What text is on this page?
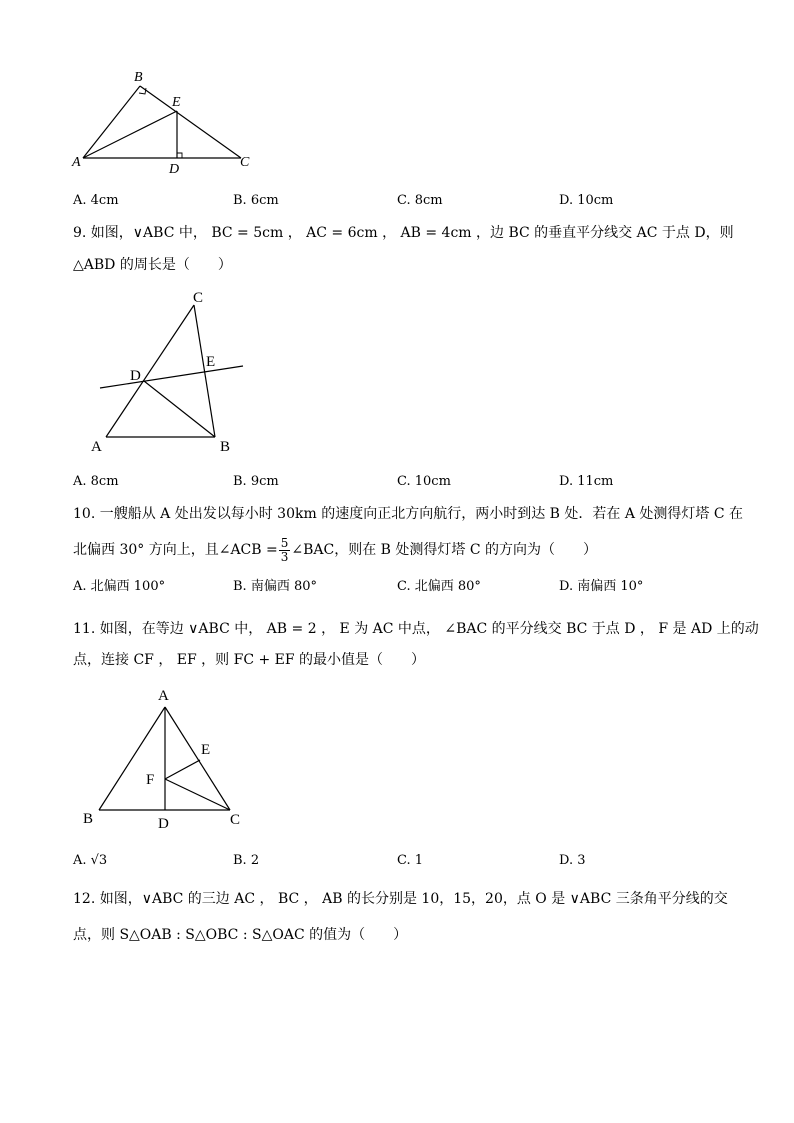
B
E
A	C
D
A. 4cm	B. 6cm	C. 8cm	D. 10cm
9. 如图，∨ABC 中， BC = 5cm ， AC = 6cm ， AB = 4cm ，边 BC 的垂直平分线交 AC 于点 D，则
△ABD 的周长是（　　）
C
E
D
A	B
A. 8cm	B. 9cm	C. 10cm	D. 11cm
10. 一艘船从 A 处出发以每小时 30km 的速度向正北方向航行，两小时到达 B 处．若在 A 处测得灯塔 C 在
北偏西 30° 方向上，且∠ACB = $\frac{5}{3}$ ∠BAC，则在 B 处测得灯塔 C 的方向为（　　）
A. 北偏西 100°	B. 南偏西 80°	C. 北偏西 80°	D. 南偏西 10°
11. 如图，在等边 ∨ABC 中， AB = 2 ， E 为 AC 中点， ∠BAC 的平分线交 BC 于点 D ， F 是 AD 上的动
点，连接 CF ， EF ，则 FC + EF 的最小值是（　　）
A
E
F
B	D	C
A. √3	B. 2	C. 1	D. 3
12. 如图，∨ABC 的三边 AC ， BC ， AB 的长分别是 10，15，20，点 O 是 ∨ABC 三条角平分线的交
点，则 S△OAB : S△OBC : S△OAC 的值为（　　）
